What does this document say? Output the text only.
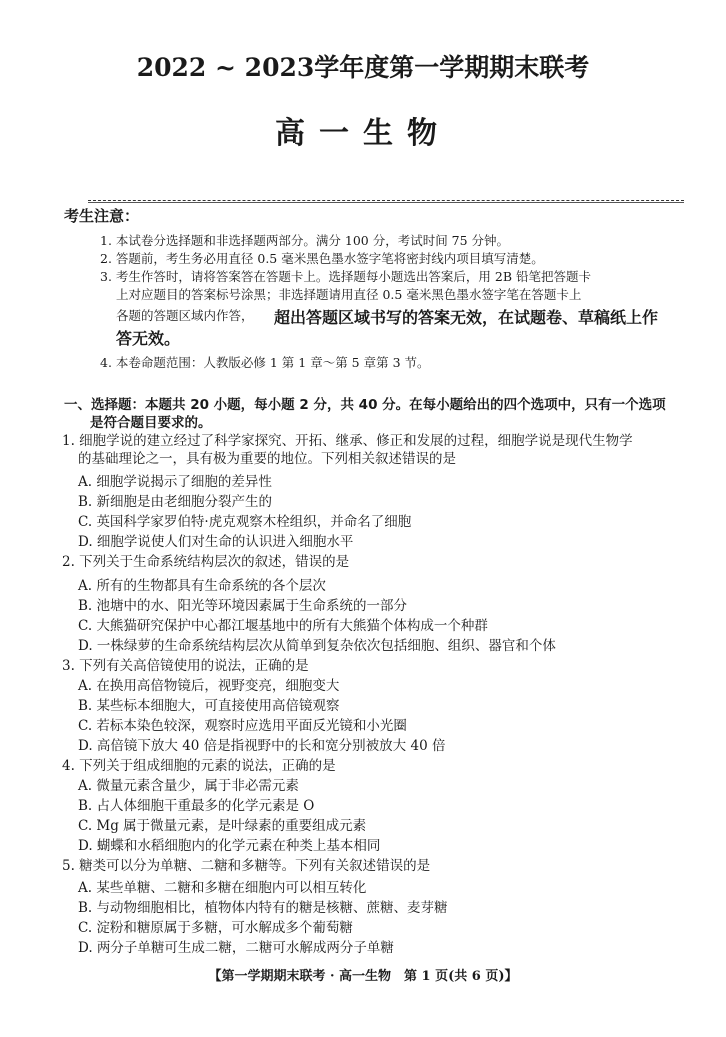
2022 ~ 2023学年度第一学期期末联考
高一生物
考生注意：
1. 本试卷分选择题和非选择题两部分。满分 100 分，考试时间 75 分钟。
2. 答题前，考生务必用直径 0.5 毫米黑色墨水签字笔将密封线内项目填写清楚。
3. 考生作答时，请将答案答在答题卡上。选择题每小题选出答案后，用 2B 铅笔把答题卡
上对应题目的答案标号涂黑；非选择题请用直径 0.5 毫米黑色墨水签字笔在答题卡上
各题的答题区域内作答， 超出答题区域书写的答案无效，在试题卷、草稿纸上作
答无效。
4. 本卷命题范围：人教版必修 1 第 1 章～第 5 章第 3 节。
一、选择题：本题共 20 小题，每小题 2 分，共 40 分。在每小题给出的四个选项中，只有一个选项
是符合题目要求的。
1. 细胞学说的建立经过了科学家探究、开拓、继承、修正和发展的过程，细胞学说是现代生物学
的基础理论之一，具有极为重要的地位。下列相关叙述错误的是
A. 细胞学说揭示了细胞的差异性
B. 新细胞是由老细胞分裂产生的
C. 英国科学家罗伯特·虎克观察木栓组织，并命名了细胞
D. 细胞学说使人们对生命的认识进入细胞水平
2. 下列关于生命系统结构层次的叙述，错误的是
A. 所有的生物都具有生命系统的各个层次
B. 池塘中的水、阳光等环境因素属于生命系统的一部分
C. 大熊猫研究保护中心都江堰基地中的所有大熊猫个体构成一个种群
D. 一株绿萝的生命系统结构层次从简单到复杂依次包括细胞、组织、器官和个体
3. 下列有关高倍镜使用的说法，正确的是
A. 在换用高倍物镜后，视野变亮，细胞变大
B. 某些标本细胞大，可直接使用高倍镜观察
C. 若标本染色较深，观察时应选用平面反光镜和小光圈
D. 高倍镜下放大 40 倍是指视野中的长和宽分别被放大 40 倍
4. 下列关于组成细胞的元素的说法，正确的是
A. 微量元素含量少，属于非必需元素
B. 占人体细胞干重最多的化学元素是 O
C. Mg 属于微量元素，是叶绿素的重要组成元素
D. 蝴蝶和水稻细胞内的化学元素在种类上基本相同
5. 糖类可以分为单糖、二糖和多糖等。下列有关叙述错误的是
A. 某些单糖、二糖和多糖在细胞内可以相互转化
B. 与动物细胞相比，植物体内特有的糖是核糖、蔗糖、麦芽糖
C. 淀粉和糖原属于多糖，可水解成多个葡萄糖
D. 两分子单糖可生成二糖，二糖可水解成两分子单糖
【第一学期期末联考 · 高一生物　第 1 页(共 6 页)】
